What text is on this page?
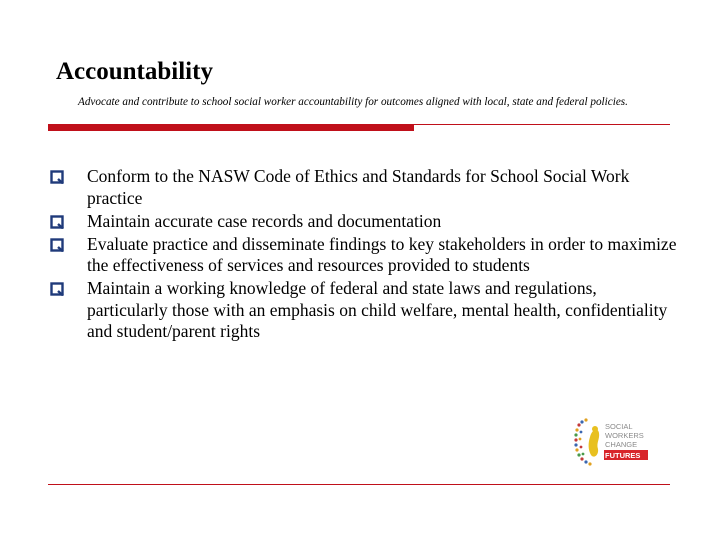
Accountability
Advocate and contribute to school social worker accountability for outcomes aligned with local, state and federal policies.
Conform to the NASW Code of Ethics and Standards for School Social Work practice
Maintain accurate case records and documentation
Evaluate practice and disseminate findings to key stakeholders in order to maximize the effectiveness of services and resources provided to students
Maintain a working knowledge of federal and state laws and regulations, particularly those with an emphasis on child welfare, mental health, confidentiality and student/parent rights
SOCIAL
WORKERS
CHANGE
FUTURES
